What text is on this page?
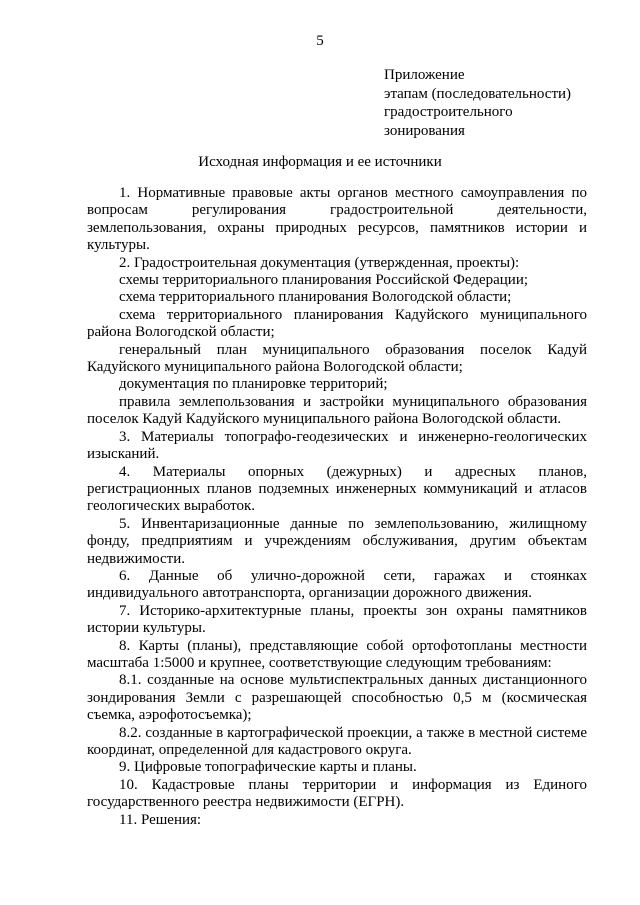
5
Приложение
этапам (последовательности)
градостроительного
зонирования
Исходная информация и ее источники

1. Нормативные правовые акты органов местного самоуправления по вопросам регулирования градостроительной деятельности, землепользования, охраны природных ресурсов, памятников истории и культуры.

2. Градостроительная документация (утвержденная, проекты):

схемы территориального планирования Российской Федерации;

схема территориального планирования Вологодской области;

схема территориального планирования Кадуйского муниципального района Вологодской области;

генеральный план муниципального образования поселок Кадуй Кадуйского муниципального района Вологодской области;

документация по планировке территорий;

правила землепользования и застройки муниципального образования поселок Кадуй Кадуйского муниципального района Вологодской области.

3. Материалы топографо-геодезических и инженерно-геологических изысканий.

4. Материалы опорных (дежурных) и адресных планов, регистрационных планов подземных инженерных коммуникаций и атласов геологических выработок.

5. Инвентаризационные данные по землепользованию, жилищному фонду, предприятиям и учреждениям обслуживания, другим объектам недвижимости.

6. Данные об улично-дорожной сети, гаражах и стоянках индивидуального автотранспорта, организации дорожного движения.

7. Историко-архитектурные планы, проекты зон охраны памятников истории культуры.

8. Карты (планы), представляющие собой ортофотопланы местности масштаба 1:5000 и крупнее, соответствующие следующим требованиям:

8.1. созданные на основе мультиспектральных данных дистанционного зондирования Земли с разрешающей способностью 0,5 м (космическая съемка, аэрофотосъемка);

8.2. созданные в картографической проекции, а также в местной системе координат, определенной для кадастрового округа.

9. Цифровые топографические карты и планы.

10. Кадастровые планы территории и информация из Единого государственного реестра недвижимости (ЕГРН).

11. Решения:
